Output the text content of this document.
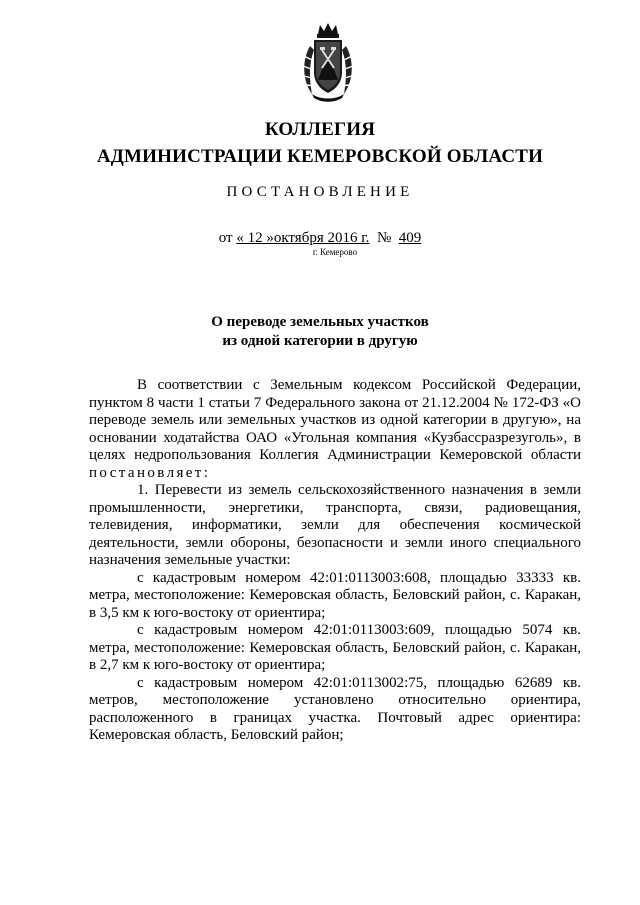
КОЛЛЕГИЯ
АДМИНИСТРАЦИИ КЕМЕРОВСКОЙ ОБЛАСТИ
ПОСТАНОВЛЕНИЕ
от « 12 »октября 2016 г. № 409
г. Кемерово
О переводе земельных участков
из одной категории в другую

В соответствии с Земельным кодексом Российской Федерации, пунктом 8 части 1 статьи 7 Федерального закона от 21.12.2004 № 172-ФЗ «О переводе земель или земельных участков из одной категории в другую», на основании ходатайства ОАО «Угольная компания «Кузбассразрезуголь», в целях недропользования Коллегия Администрации Кемеровской области постановляет:

1. Перевести из земель сельскохозяйственного назначения в земли промышленности, энергетики, транспорта, связи, радиовещания, телевидения, информатики, земли для обеспечения космической деятельности, земли обороны, безопасности и земли иного специального назначения земельные участки:

с кадастровым номером 42:01:0113003:608, площадью 33333 кв. метра, местоположение: Кемеровская область, Беловский район, с. Каракан, в 3,5 км к юго-востоку от ориентира;

с кадастровым номером 42:01:0113003:609, площадью 5074 кв. метра, местоположение: Кемеровская область, Беловский район, с. Каракан, в 2,7 км к юго-востоку от ориентира;

с кадастровым номером 42:01:0113002:75, площадью 62689 кв. метров, местоположение установлено относительно ориентира, расположенного в границах участка. Почтовый адрес ориентира: Кемеровская область, Беловский район;
